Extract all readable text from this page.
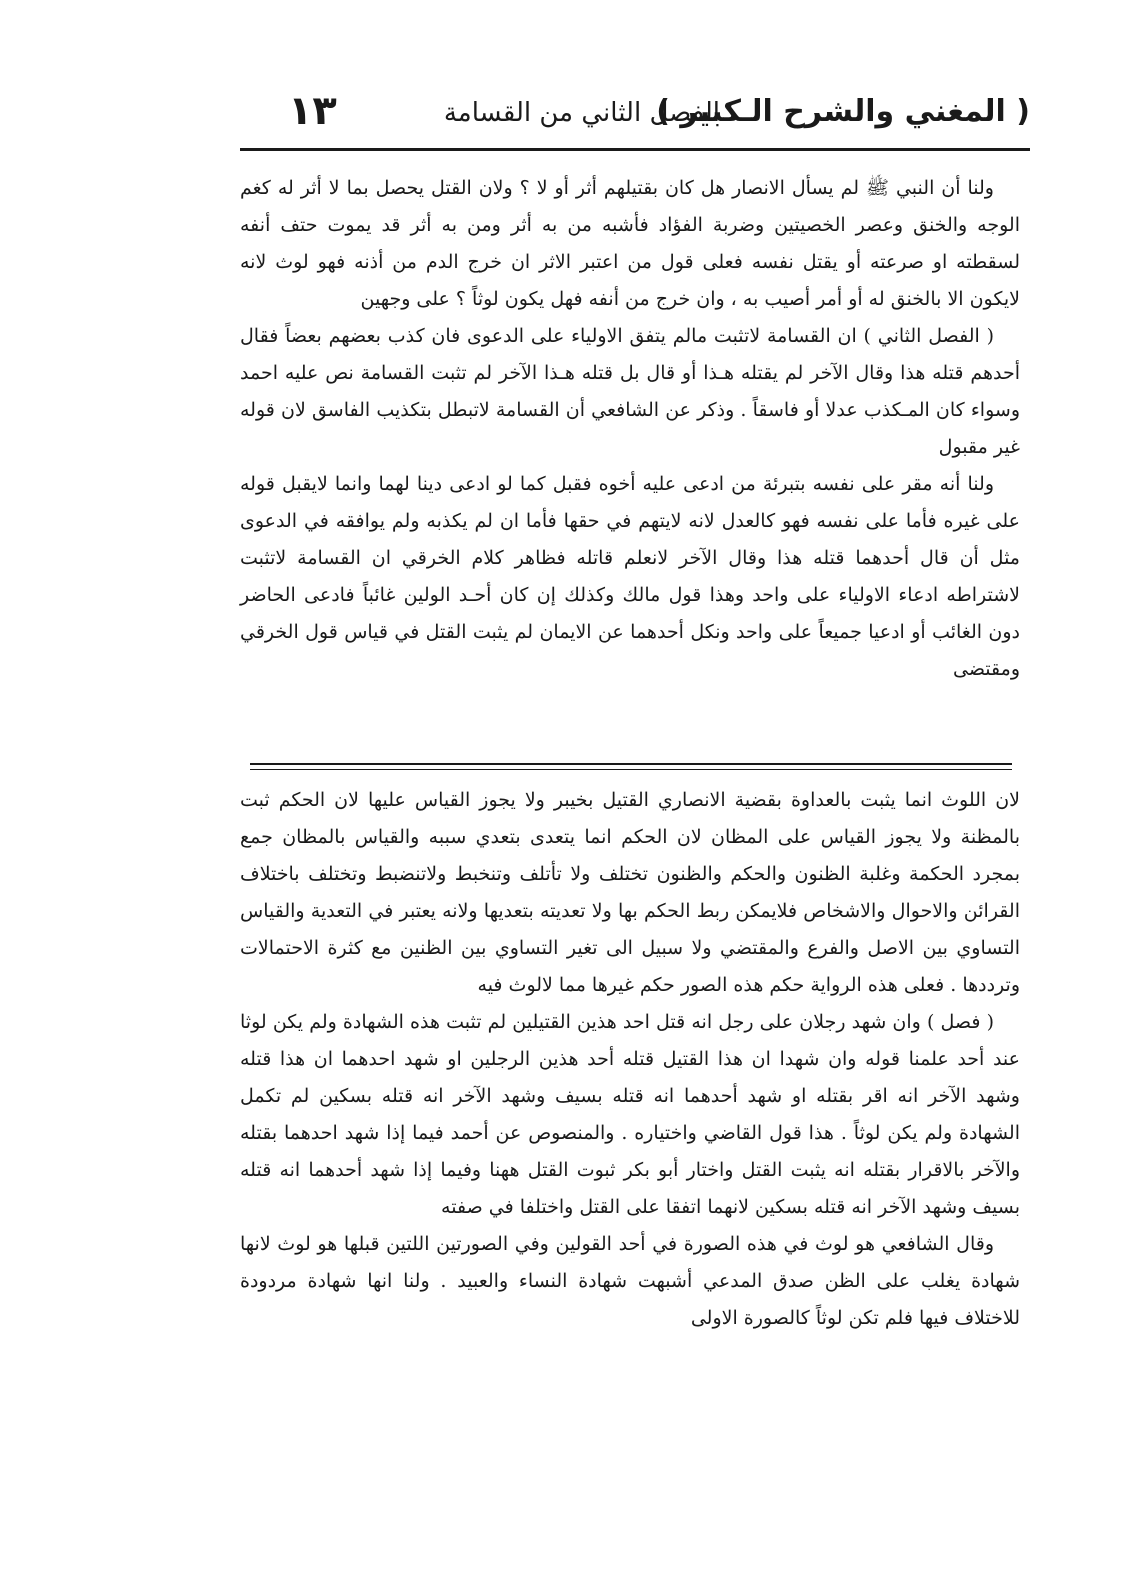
( المغني والشرح الـكبير )
الفصل الثاني من القسامة
١٣

ولنا أن النبي ﷺ لم يسأل الانصار هل كان بقتيلهم أثر أو لا ؟ ولان القتل يحصل بما لا أثر له كغم الوجه والخنق وعصر الخصيتين وضربة الفؤاد فأشبه من به أثر ومن به أثر قد يموت حتف أنفه لسقطته او صرعته أو يقتل نفسه فعلى قول من اعتبر الاثر ان خرج الدم من أذنه فهو لوث لانه لايكون الا بالخنق له أو أمر أصيب به ، وان خرج من أنفه فهل يكون لوثاً ؟ على وجهين

( الفصل الثاني ) ان القسامة لاتثبت مالم يتفق الاولياء على الدعوى فان كذب بعضهم بعضاً فقال أحدهم قتله هذا وقال الآخر لم يقتله هـذا أو قال بل قتله هـذا الآخر لم تثبت القسامة نص عليه احمد وسواء كان المـكذب عدلا أو فاسقاً . وذكر عن الشافعي أن القسامة لاتبطل بتكذيب الفاسق لان قوله غير مقبول

ولنا أنه مقر على نفسه بتبرئة من ادعى عليه أخوه فقبل كما لو ادعى دينا لهما وانما لايقبل قوله على غيره فأما على نفسه فهو كالعدل لانه لايتهم في حقها فأما ان لم يكذبه ولم يوافقه في الدعوى مثل أن قال أحدهما قتله هذا وقال الآخر لانعلم قاتله فظاهر كلام الخرقي ان القسامة لاتثبت لاشتراطه ادعاء الاولياء على واحد وهذا قول مالك وكذلك إن كان أحـد الولين غائباً فادعى الحاضر دون الغائب أو ادعيا جميعاً على واحد ونكل أحدهما عن الايمان لم يثبت القتل في قياس قول الخرقي ومقتضى

لان اللوث انما يثبت بالعداوة بقضية الانصاري القتيل بخيبر ولا يجوز القياس عليها لان الحكم ثبت بالمظنة ولا يجوز القياس على المظان لان الحكم انما يتعدى بتعدي سببه والقياس بالمظان جمع بمجرد الحكمة وغلبة الظنون والحكم والظنون تختلف ولا تأتلف وتنخبط ولاتنضبط وتختلف باختلاف القرائن والاحوال والاشخاص فلايمكن ربط الحكم بها ولا تعديته بتعديها ولانه يعتبر في التعدية والقياس التساوي بين الاصل والفرع والمقتضي ولا سبيل الى تغير التساوي بين الظنين مع كثرة الاحتمالات وترددها . فعلى هذه الرواية حكم هذه الصور حكم غيرها مما لالوث فيه

( فصل ) وان شهد رجلان على رجل انه قتل احد هذين القتيلين لم تثبت هذه الشهادة ولم يكن لوثا عند أحد علمنا قوله وان شهدا ان هذا القتيل قتله أحد هذين الرجلين او شهد احدهما ان هذا قتله وشهد الآخر انه اقر بقتله او شهد أحدهما انه قتله بسيف وشهد الآخر انه قتله بسكين لم تكمل الشهادة ولم يكن لوثاً . هذا قول القاضي واختياره . والمنصوص عن أحمد فيما إذا شهد احدهما بقتله والآخر بالاقرار بقتله انه يثبت القتل واختار أبو بكر ثبوت القتل ههنا وفيما إذا شهد أحدهما انه قتله بسيف وشهد الآخر انه قتله بسكين لانهما اتفقا على القتل واختلفا في صفته

وقال الشافعي هو لوث في هذه الصورة في أحد القولين وفي الصورتين اللتين قبلها هو لوث لانها شهادة يغلب على الظن صدق المدعي أشبهت شهادة النساء والعبيد . ولنا انها شهادة مردودة للاختلاف فيها فلم تكن لوثاً كالصورة الاولى
